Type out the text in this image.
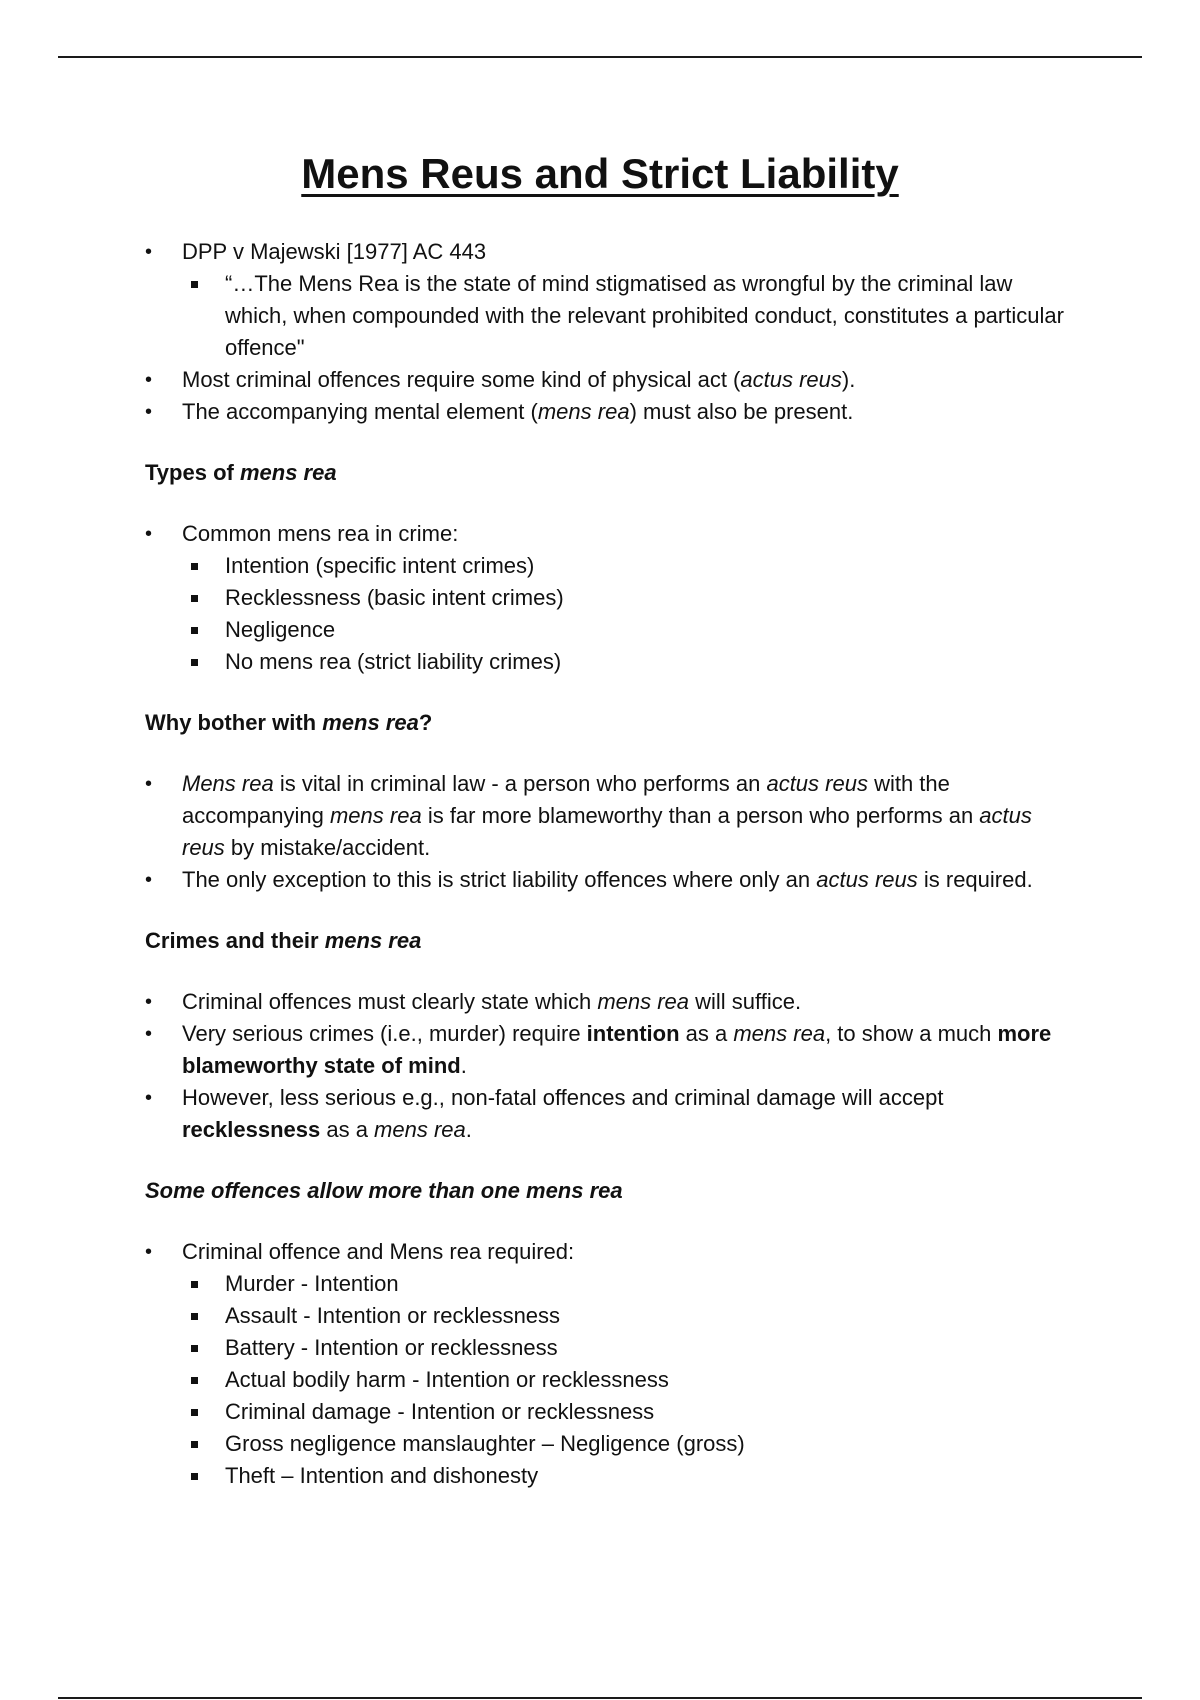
Mens Reus and Strict Liability
• DPP v Majewski [1977] AC 443
“…The Mens Rea is the state of mind stigmatised as wrongful by the criminal law which, when compounded with the relevant prohibited conduct, constitutes a particular offence"
• Most criminal offences require some kind of physical act (actus reus).
• The accompanying mental element (mens rea) must also be present.

Types of mens rea

• Common mens rea in crime:
Intention (specific intent crimes)
Recklessness (basic intent crimes)
Negligence
No mens rea (strict liability crimes)

Why bother with mens rea?

• Mens rea is vital in criminal law - a person who performs an actus reus with the accompanying mens rea is far more blameworthy than a person who performs an actus reus by mistake/accident.
• The only exception to this is strict liability offences where only an actus reus is required.

Crimes and their mens rea

• Criminal offences must clearly state which mens rea will suffice.
• Very serious crimes (i.e., murder) require intention as a mens rea, to show a much more blameworthy state of mind.
• However, less serious e.g., non-fatal offences and criminal damage will accept recklessness as a mens rea.

Some offences allow more than one mens rea

• Criminal offence and Mens rea required:
Murder - Intention
Assault - Intention or recklessness
Battery - Intention or recklessness
Actual bodily harm - Intention or recklessness
Criminal damage - Intention or recklessness
Gross negligence manslaughter – Negligence (gross)
Theft – Intention and dishonesty
